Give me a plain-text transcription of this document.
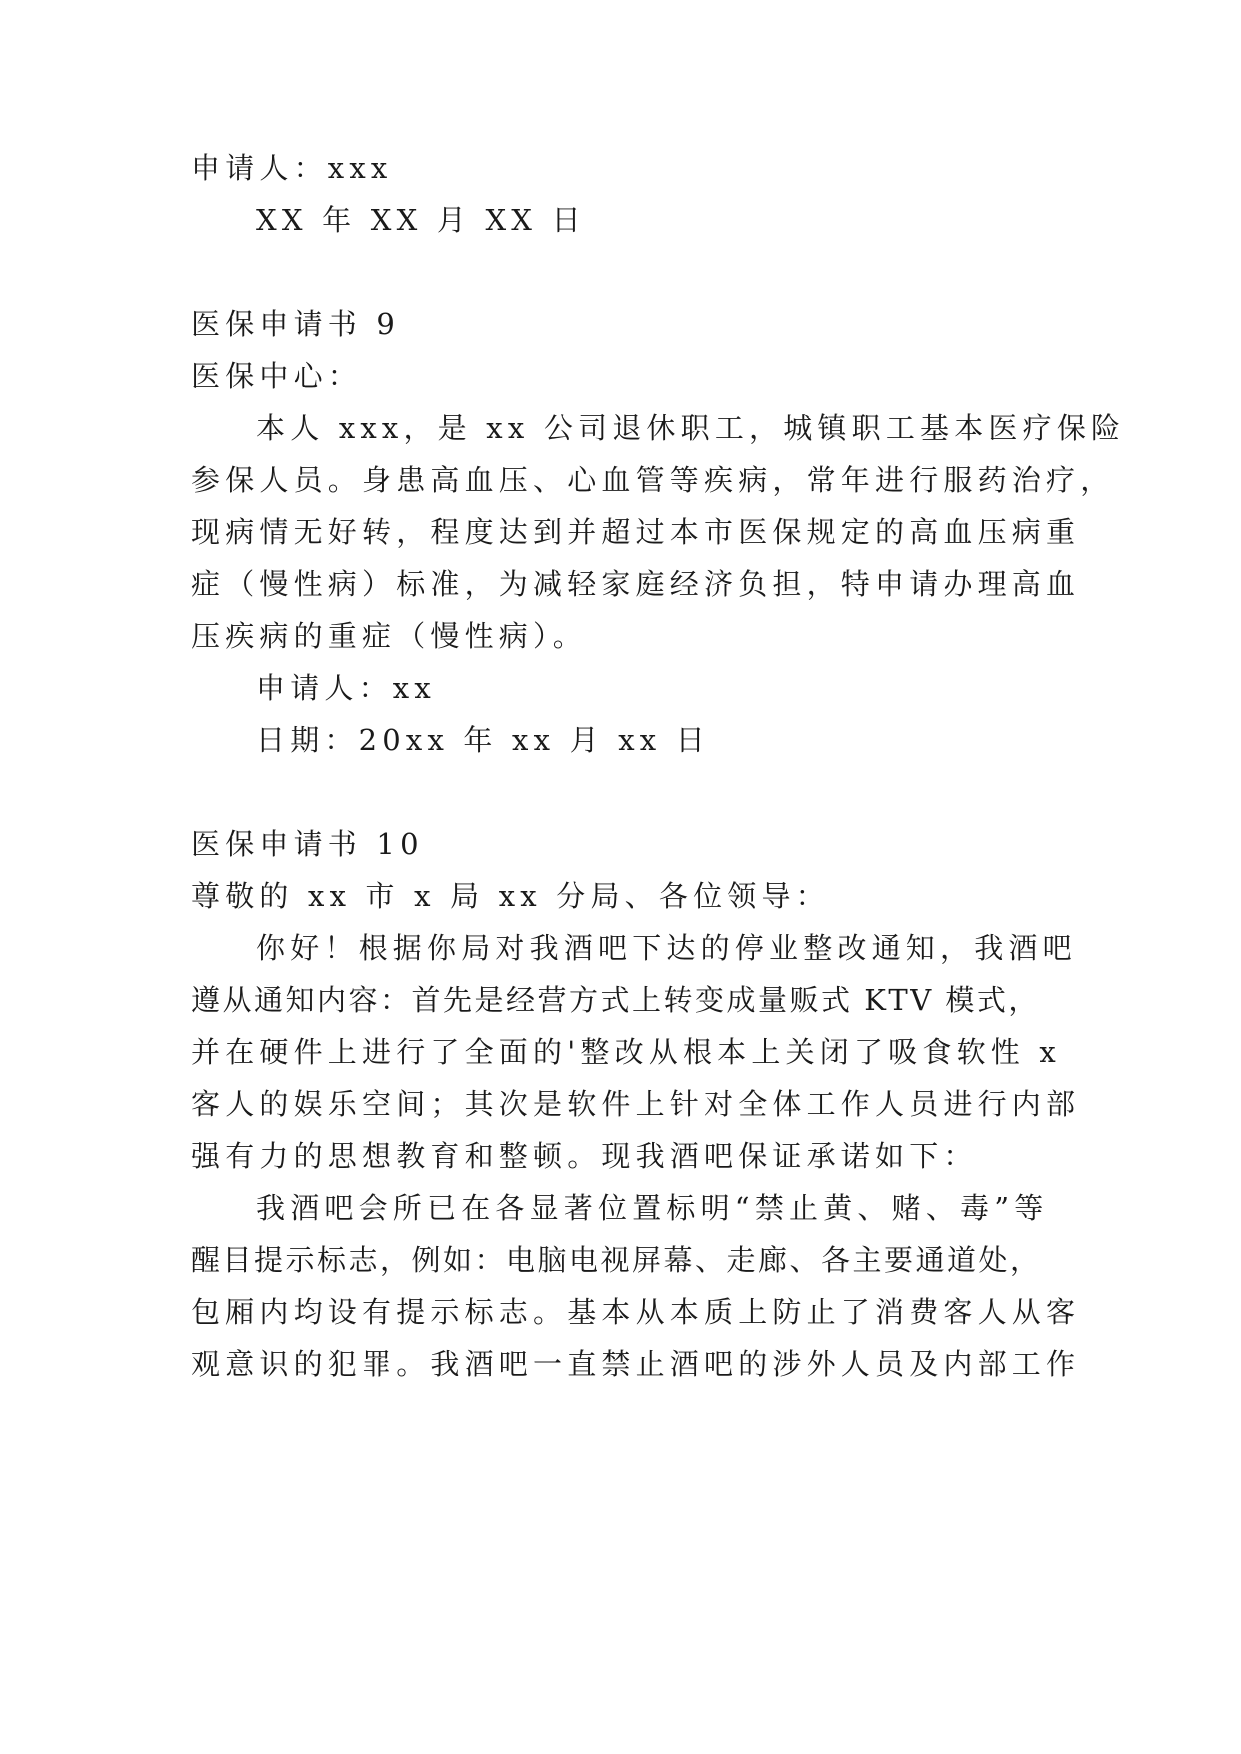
申请人：xxx
XX 年 XX 月 XX 日
医保申请书 9
医保中心：
本人 xxx，是 xx 公司退休职工，城镇职工基本医疗保险
参保人员。身患高血压、心血管等疾病，常年进行服药治疗，
现病情无好转，程度达到并超过本市医保规定的高血压病重
症（慢性病）标准，为减轻家庭经济负担，特申请办理高血
压疾病的重症（慢性病）。
申请人：xx
日期：20xx 年 xx 月 xx 日
医保申请书 10
尊敬的 xx 市 x 局 xx 分局、各位领导：
你好！根据你局对我酒吧下达的停业整改通知，我酒吧
遵从通知内容：首先是经营方式上转变成量贩式 KTV 模式，
并在硬件上进行了全面的'整改从根本上关闭了吸食软性 x
客人的娱乐空间；其次是软件上针对全体工作人员进行内部
强有力的思想教育和整顿。现我酒吧保证承诺如下：
我酒吧会所已在各显著位置标明“禁止黄、赌、毒”等
醒目提示标志，例如：电脑电视屏幕、走廊、各主要通道处，
包厢内均设有提示标志。基本从本质上防止了消费客人从客
观意识的犯罪。我酒吧一直禁止酒吧的涉外人员及内部工作
